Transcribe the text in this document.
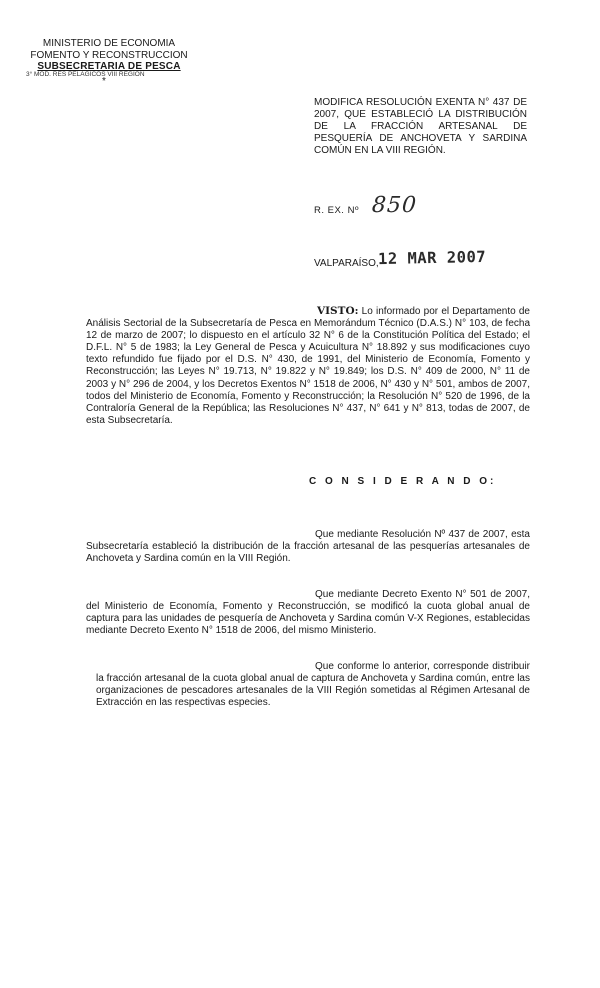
MINISTERIO DE ECONOMIA
FOMENTO Y RECONSTRUCCION
SUBSECRETARIA DE PESCA
3° MOD. RES PELAGICOS VIII REGION
*
MODIFICA RESOLUCIÓN EXENTA N° 437 DE 2007, QUE ESTABLECIÓ LA DISTRIBUCIÓN DE LA FRACCIÓN ARTESANAL DE PESQUERÍA DE ANCHOVETA Y SARDINA COMÚN EN LA VIII REGIÓN.
R. EX. Nº 850
VALPARAÍSO, 12 MAR 2007
VISTO: Lo informado por el Departamento de Análisis Sectorial de la Subsecretaría de Pesca en Memorándum Técnico (D.A.S.) N° 103, de fecha 12 de marzo de 2007; lo dispuesto en el artículo 32 N° 6 de la Constitución Política del Estado; el D.F.L. N° 5 de 1983; la Ley General de Pesca y Acuicultura N° 18.892 y sus modificaciones cuyo texto refundido fue fijado por el D.S. N° 430, de 1991, del Ministerio de Economía, Fomento y Reconstrucción; las Leyes N° 19.713, N° 19.822 y N° 19.849; los D.S. N° 409 de 2000, N° 11 de 2003 y N° 296 de 2004, y los Decretos Exentos N° 1518 de 2006, N° 430 y N° 501, ambos de 2007, todos del Ministerio de Economía, Fomento y Reconstrucción; la Resolución N° 520 de 1996, de la Contraloría General de la República; las Resoluciones N° 437, N° 641 y N° 813, todas de 2007, de esta Subsecretaría.
C O N S I D E R A N D O:
Que mediante Resolución Nº 437 de 2007, esta Subsecretaría estableció la distribución de la fracción artesanal de las pesquerías artesanales de Anchoveta y Sardina común en la VIII Región.
Que mediante Decreto Exento N° 501 de 2007, del Ministerio de Economía, Fomento y Reconstrucción, se modificó la cuota global anual de captura para las unidades de pesquería de Anchoveta y Sardina común V-X Regiones, establecidas mediante Decreto Exento N° 1518 de 2006, del mismo Ministerio.
Que conforme lo anterior, corresponde distribuir la fracción artesanal de la cuota global anual de captura de Anchoveta y Sardina común, entre las organizaciones de pescadores artesanales de la VIII Región sometidas al Régimen Artesanal de Extracción en las respectivas especies.
